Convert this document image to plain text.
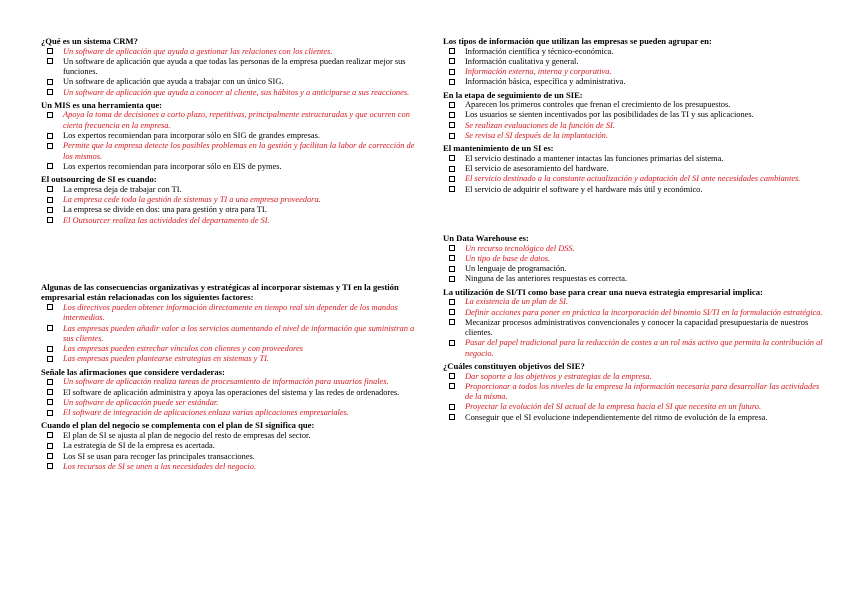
¿Qué es un sistema CRM?

Un software de aplicación que ayuda a gestionar las relaciones con los clientes.
Un software de aplicación que ayuda a que todas las personas de la empresa puedan realizar mejor sus funciones.
Un software de aplicación que ayuda a trabajar con un único SIG.
Un software de aplicación que ayuda a conocer al cliente, sus hábitos y a anticiparse a sus reacciones.

Un MIS es una herramienta que:

Apoya la toma de decisiones a corto plazo, repetitivas, principalmente estructuradas y que ocurren con cierta frecuencia en la empresa.
Los expertos recomiendan para incorporar sólo en SIG de grandes empresas.
Permite que la empresa detecte los posibles problemas en la gestión y facilitan la labor de corrección de los mismos.
Los expertos recomiendan para incorporar sólo en EIS de pymes.

El outsourcing de SI es cuando:

La empresa deja de trabajar con TI.
La empresa cede toda la gestión de sistemas y TI a una empresa proveedora.
La empresa se divide en dos: una para gestión y otra para TI.
El Outsourcer realiza las actividades del departamento de SI.

Algunas de las consecuencias organizativas y estratégicas al incorporar sistemas y TI en la gestión empresarial están relacionadas con los siguientes factores:

Los directivos pueden obtener información directamente en tiempo real sin depender de los mandos intermedios.
Las empresas pueden añadir valor a los servicios aumentando el nivel de información que suministran a sus clientes.
Las empresas pueden estrechar vínculos con clientes y con proveedores
Las empresas pueden plantearse estrategias en sistemas y TI.

Señale las afirmaciones que considere verdaderas:

Un software de aplicación realiza tareas de procesamiento de información para usuarios finales.
El software de aplicación administra y apoya las operaciones del sistema y las redes de ordenadores.
Un software de aplicación puede ser estándar.
El software de integración de aplicaciones enlaza varias aplicaciones empresariales.

Cuando el plan del negocio se complementa con el plan de SI significa que:

El plan de SI se ajusta al plan de negocio del resto de empresas del sector.
La estrategia de SI de la empresa es acertada.
Los SI se usan para recoger las principales transacciones.
Los recursos de SI se unen a las necesidades del negocio.

Los tipos de información que utilizan las empresas se pueden agrupar en:

Información científica y técnico-económica.
Información cualitativa y general.
Información externa, interna y corporativa.
Información básica, específica y administrativa.

En la etapa de seguimiento de un SIE:

Aparecen los primeros controles que frenan el crecimiento de los presupuestos.
Los usuarios se sienten incentivados por las posibilidades de las TI y sus aplicaciones.
Se realizan evaluaciones de la función de SI.
Se revisa el SI después de la implantación.

El mantenimiento de un SI es:

El servicio destinado a mantener intactas las funciones primarias del sistema.
El servicio de asesoramiento del hardware.
El servicio destinado a la constante actualización y adaptación del SI ante necesidades cambiantes.
El servicio de adquirir el software y el hardware más útil y económico.

Un Data Warehouse es:

Un recurso tecnológico del DSS.
Un tipo de base de datos.
Un lenguaje de programación.
Ninguna de las anteriores respuestas es correcta.

La utilización de SI/TI como base para crear una nueva estrategia empresarial implica:

La existencia de un plan de SI.
Definir acciones para poner en práctica la incorporación del binomio SI/TI en la formulación estratégica.
Mecanizar procesos administrativos convencionales y conocer la capacidad presupuestaria de nuestros clientes.
Pasar del papel tradicional para la reducción de costes a un rol más activo que permita la contribución al negocio.

¿Cuáles constituyen objetivos del SIE?

Dar soporte a los objetivos y estrategias de la empresa.
Proporcionar a todos los niveles de la empresa la información necesaria para desarrollar las actividades de la misma.
Proyectar la evolución del SI actual de la empresa hacia el SI que necesita en un futuro.
Conseguir que el SI evolucione independientemente del ritmo de evolución de la empresa.
